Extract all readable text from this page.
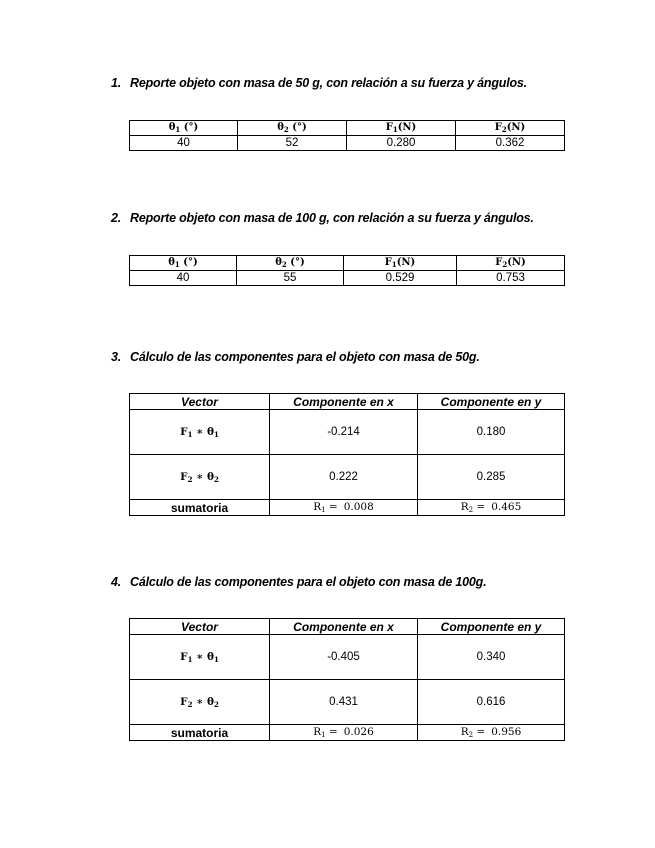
1. Reporte objeto con masa de 50 g, con relación a su fuerza y ángulos.
$\theta_1$ (°)	$\theta_2$ (°)	$F_1(N)$	$F_2(N)$
40	52	0.280	0.362
2. Reporte objeto con masa de 100 g, con relación a su fuerza y ángulos.
$\theta_1$ (°)	$\theta_2$ (°)	$F_1(N)$	$F_2(N)$
40	55	0.529	0.753
3. Cálculo de las componentes para el objeto con masa de 50g.
Vector	Componente en x	Componente en y
$F_1$ ∗ $\theta_1$	-0.214	0.180
$F_2$ ∗ $\theta_2$	0.222	0.285
sumatoria	$R_1 = 0.008$	$R_2 = 0.465$
4. Cálculo de las componentes para el objeto con masa de 100g.
Vector	Componente en x	Componente en y
$F_1$ ∗ $\theta_1$	-0.405	0.340
$F_2$ ∗ $\theta_2$	0.431	0.616
sumatoria	$R_1 = 0.026$	$R_2 = 0.956$
